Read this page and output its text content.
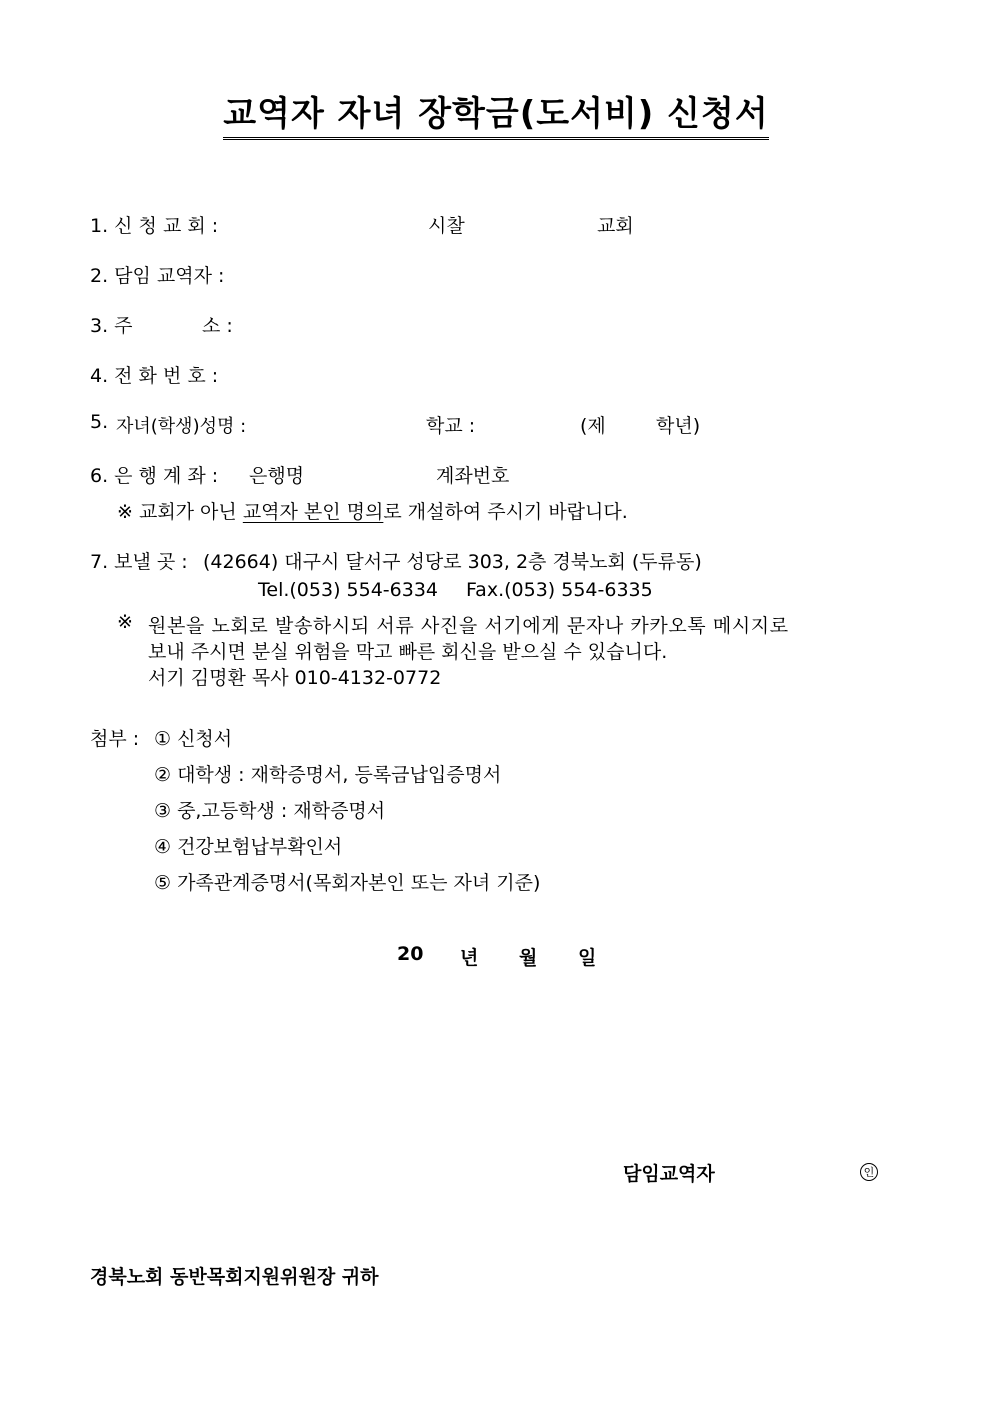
교역자 자녀 장학금(도서비) 신청서
1. 신 청 교 회 :	시찰	교회
2. 담임 교역자 :
3. 주	소 :
4. 전 화 번 호 :
5. 자녀(학생)성명 :	학교 :	(제	학년)
6. 은 행 계 좌 : 은행명	계좌번호
※ 교회가 아닌 교역자 본인 명의로 개설하여 주시기 바랍니다.
7. 보낼 곳 : (42664) 대구시 달서구 성당로 303, 2층 경북노회 (두류동)
Tel.(053) 554-6334 Fax.(053) 554-6335
※ 원본을 노회로 발송하시되 서류 사진을 서기에게 문자나 카카오톡 메시지로
보내 주시면 분실 위험을 막고 빠른 회신을 받으실 수 있습니다.
서기 김명환 목사 010-4132-0772
첨부 : ① 신청서
② 대학생 : 재학증명서, 등록금납입증명서
③ 중,고등학생 : 재학증명서
④ 건강보험납부확인서
⑤ 가족관계증명서(목회자본인 또는 자녀 기준)
20 년 월 일
담임교역자	인
경북노회 동반목회지원위원장 귀하
